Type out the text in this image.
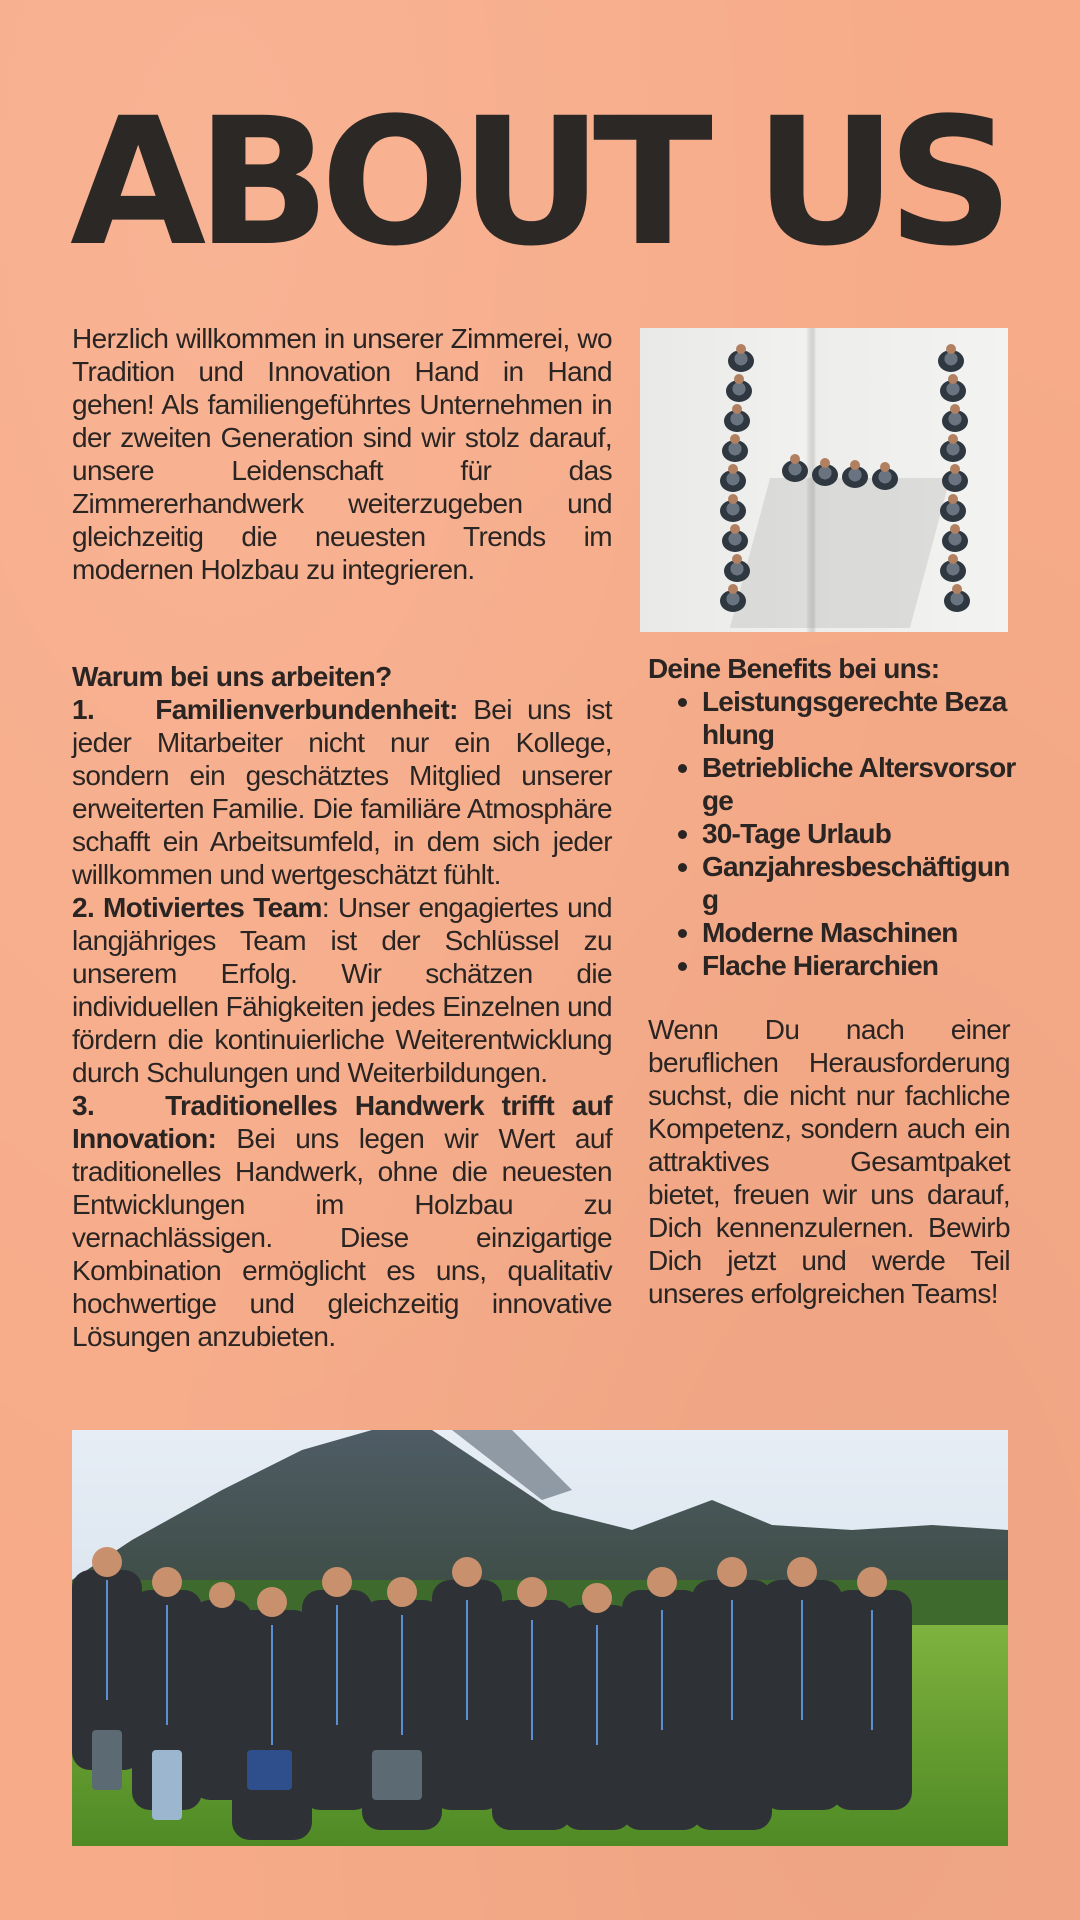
ABOUT US

Herzlich willkommen in unserer Zimmerei, wo Tradition und Innovation Hand in Hand gehen! Als familiengeführtes Unternehmen in der zweiten Generation sind wir stolz darauf, unsere Leidenschaft für das Zimmererhandwerk weiterzugeben und gleichzeitig die neuesten Trends im modernen Holzbau zu integrieren.

Warum bei uns arbeiten?
1.    Familienverbundenheit: Bei uns ist jeder Mitarbeiter nicht nur ein Kollege, sondern ein geschätztes Mitglied unserer erweiterten Familie. Die familiäre Atmosphäre schafft ein Arbeitsumfeld, in dem sich jeder willkommen und wertgeschätzt fühlt.
2. Motiviertes Team: Unser engagiertes und langjähriges Team ist der Schlüssel zu unserem Erfolg. Wir schätzen die individuellen Fähigkeiten jedes Einzelnen und fördern die kontinuierliche Weiterentwicklung durch Schulungen und Weiterbildungen.
3.    Traditionelles Handwerk trifft auf Innovation: Bei uns legen wir Wert auf traditionelles Handwerk, ohne die neuesten Entwicklungen im Holzbau zu vernachlässigen. Diese einzigartige Kombination ermöglicht es uns, qualitativ hochwertige und gleichzeitig innovative Lösungen anzubieten.
Deine Benefits bei uns:
Leistungsgerechte Bezahlung
Betriebliche Altersvorsorge
30-Tage Urlaub
Ganzjahresbeschäftigung
Moderne Maschinen
Flache Hierarchien

Wenn Du nach einer beruflichen Herausforderung suchst, die nicht nur fachliche Kompetenz, sondern auch ein attraktives Gesamtpaket bietet, freuen wir uns darauf, Dich kennenzulernen. Bewirb Dich jetzt und werde Teil unseres erfolgreichen Teams!
